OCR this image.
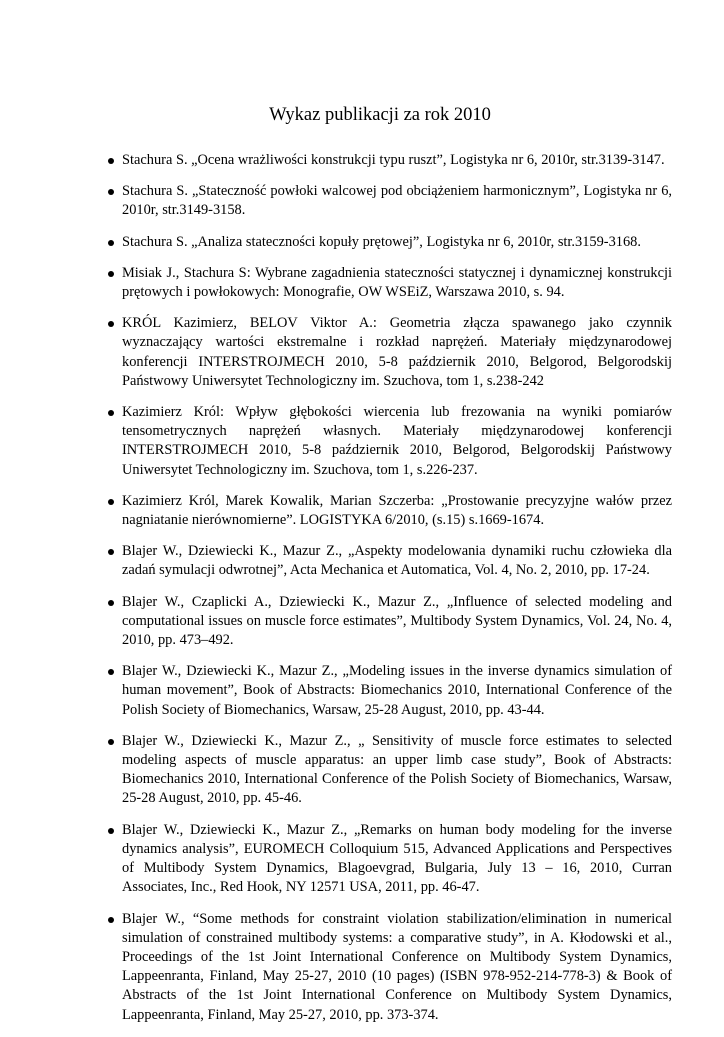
Wykaz publikacji za rok 2010
Stachura S. „Ocena wrażliwości konstrukcji typu ruszt”, Logistyka nr 6, 2010r, str.3139-3147.
Stachura S. „Stateczność powłoki walcowej pod obciążeniem harmonicznym”, Logistyka nr 6, 2010r, str.3149-3158.
Stachura S. „Analiza stateczności kopuły prętowej”, Logistyka nr 6, 2010r, str.3159-3168.
Misiak J., Stachura S: Wybrane zagadnienia stateczności statycznej i dynamicznej konstrukcji prętowych i powłokowych: Monografie, OW WSEiZ, Warszawa 2010, s. 94.
KRÓL Kazimierz, BELOV Viktor A.: Geometria złącza spawanego jako czynnik wyznaczający wartości ekstremalne i rozkład naprężeń. Materiały międzynarodowej konferencji INTERSTROJMECH 2010, 5-8 październik 2010, Belgorod, Belgorodskij Państwowy Uniwersytet Technologiczny im. Szuchova, tom 1, s.238-242
Kazimierz Król: Wpływ głębokości wiercenia lub frezowania na wyniki pomiarów tensometrycznych naprężeń własnych. Materiały międzynarodowej konferencji INTERSTROJMECH 2010, 5-8 październik 2010, Belgorod, Belgorodskij Państwowy Uniwersytet Technologiczny im. Szuchova, tom 1, s.226-237.
Kazimierz Król, Marek Kowalik, Marian Szczerba: „Prostowanie precyzyjne wałów przez nagniatanie nierównomierne”. LOGISTYKA 6/2010, (s.15) s.1669-1674.
Blajer W., Dziewiecki K., Mazur Z., „Aspekty modelowania dynamiki ruchu człowieka dla zadań symulacji odwrotnej”, Acta Mechanica et Automatica, Vol. 4, No. 2, 2010, pp. 17-24.
Blajer W., Czaplicki A., Dziewiecki K., Mazur Z., „Influence of selected modeling and computational issues on muscle force estimates”, Multibody System Dynamics, Vol. 24, No. 4, 2010, pp. 473–492.
Blajer W., Dziewiecki K., Mazur Z., „Modeling issues in the inverse dynamics simulation of human movement”, Book of Abstracts: Biomechanics 2010, International Conference of the Polish Society of Biomechanics, Warsaw, 25-28 August, 2010, pp. 43-44.
Blajer W., Dziewiecki K., Mazur Z., „ Sensitivity of muscle force estimates to selected modeling aspects of muscle apparatus: an upper limb case study”, Book of Abstracts: Biomechanics 2010, International Conference of the Polish Society of Biomechanics, Warsaw, 25-28 August, 2010, pp. 45-46.
Blajer W., Dziewiecki K., Mazur Z., „Remarks on human body modeling for the inverse dynamics analysis”, EUROMECH Colloquium 515, Advanced Applications and Perspectives of Multibody System Dynamics, Blagoevgrad, Bulgaria, July 13 – 16, 2010, Curran Associates, Inc., Red Hook, NY 12571 USA, 2011, pp. 46-47.
Blajer W., “Some methods for constraint violation stabilization/elimination in numerical simulation of constrained multibody systems: a comparative study”, in A. Kłodowski et al., Proceedings of the 1st Joint International Conference on Multibody System Dynamics, Lappeenranta, Finland, May 25-27, 2010 (10 pages) (ISBN 978-952-214-778-3) & Book of Abstracts of the 1st Joint International Conference on Multibody System Dynamics, Lappeenranta, Finland, May 25-27, 2010, pp. 373-374.
